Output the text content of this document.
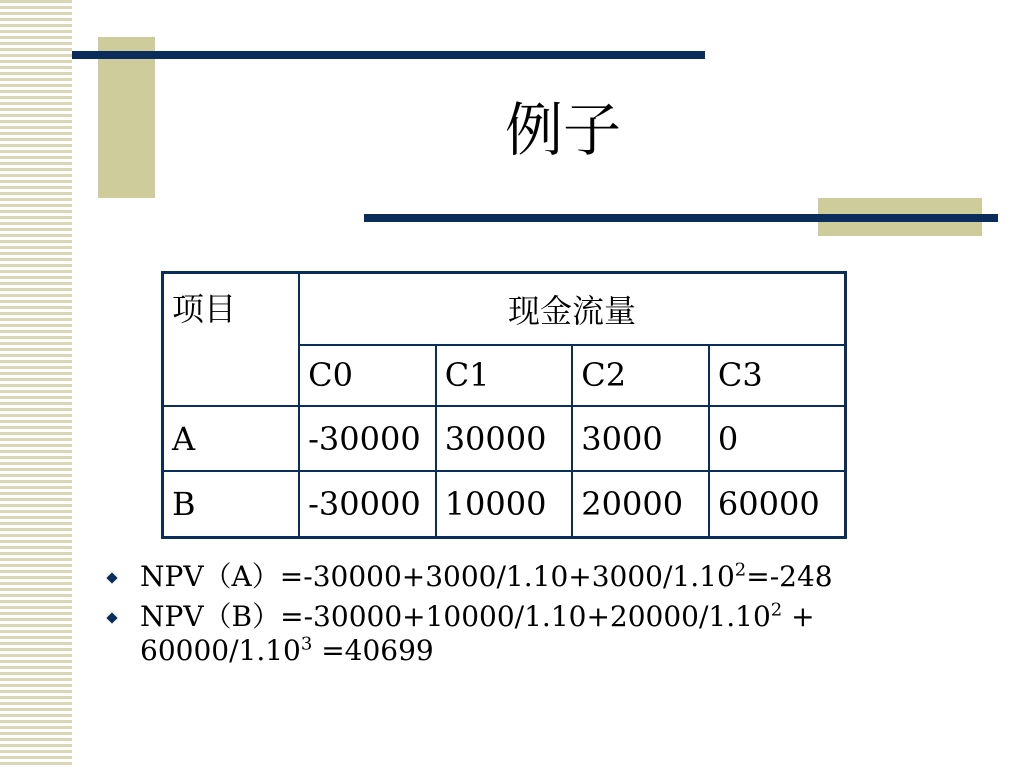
例子
项目	现金流量			
	C0	C1	C2	C3
A	-30000	30000	3000	0
B	-30000	10000	20000	60000
$NPV(A)=-30000+3000/1.10+3000/1.10^2=-248$
$NPV(B)=-30000+10000/1.10+20000/1.10^2 + 60000/1.10^3 =40699$
